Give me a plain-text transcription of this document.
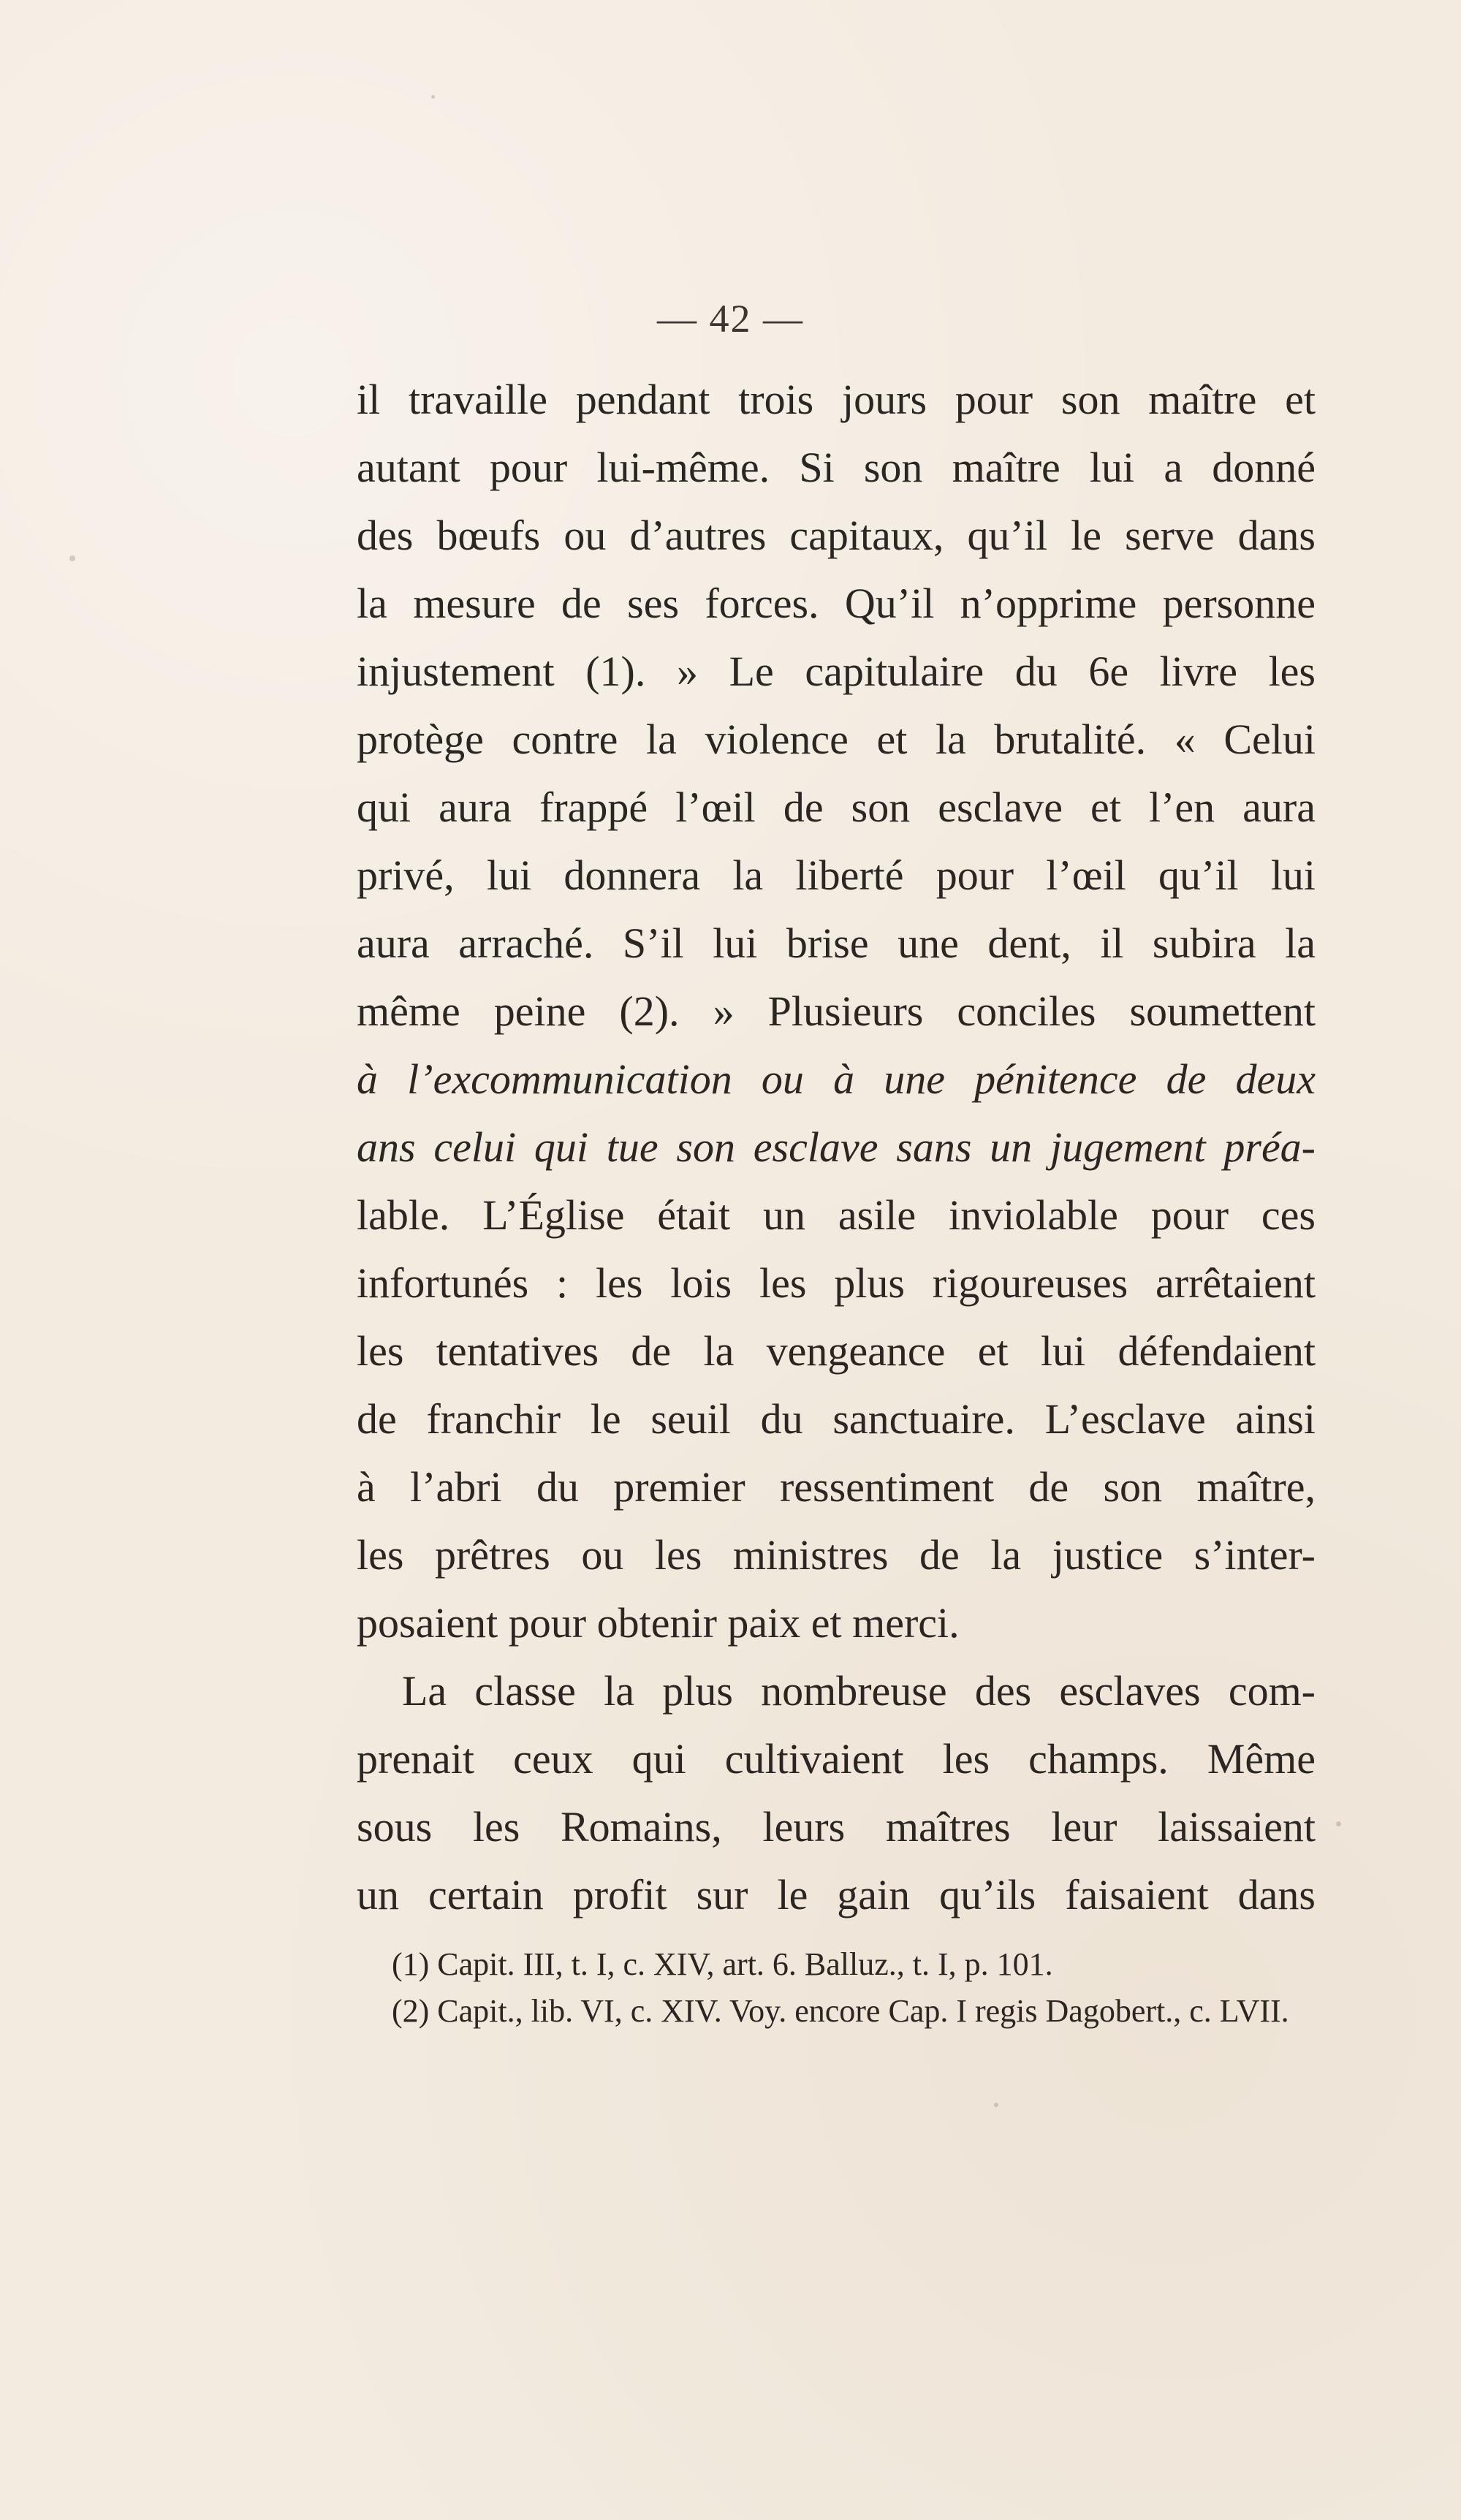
— 42 —
il travaille pendant trois jours pour son maître et
autant pour lui-même. Si son maître lui a donné
des bœufs ou d’autres capitaux, qu’il le serve dans
la mesure de ses forces. Qu’il n’opprime personne
injustement (1). » Le capitulaire du 6e livre les
protège contre la violence et la brutalité. « Celui
qui aura frappé l’œil de son esclave et l’en aura
privé, lui donnera la liberté pour l’œil qu’il lui
aura arraché. S’il lui brise une dent, il subira la
même peine (2). » Plusieurs conciles soumettent
à l’excommunication ou à une pénitence de deux
ans celui qui tue son esclave sans un jugement préa-
lable. L’Église était un asile inviolable pour ces
infortunés : les lois les plus rigoureuses arrêtaient
les tentatives de la vengeance et lui défendaient
de franchir le seuil du sanctuaire. L’esclave ainsi
à l’abri du premier ressentiment de son maître,
les prêtres ou les ministres de la justice s’inter-
posaient pour obtenir paix et merci.
La classe la plus nombreuse des esclaves com-
prenait ceux qui cultivaient les champs. Même
sous les Romains, leurs maîtres leur laissaient
un certain profit sur le gain qu’ils faisaient dans
(1) Capit. III, t. I, c. XIV, art. 6. Balluz., t. I, p. 101.
(2) Capit., lib. VI, c. XIV. Voy. encore Cap. I regis Dagobert., c. LVII.
